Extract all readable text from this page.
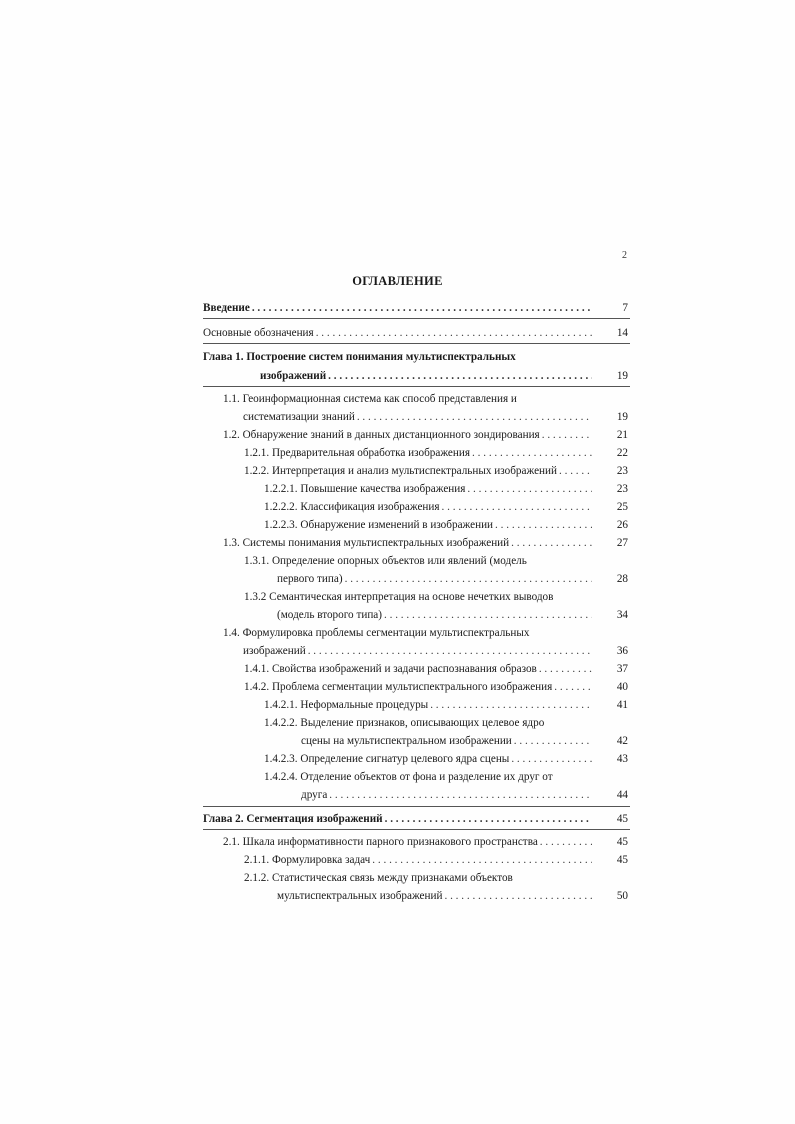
2
ОГЛАВЛЕНИЕ
Введение . . .	7
Основные обозначения . . .	14
Глава 1. Построение систем понимания мультиспектральных
изображений . . .	19
1.1. Геоинформационная система как способ представления и
систематизации знаний . . .	19
1.2. Обнаружение знаний в данных дистанционного зондирования . . .	21
1.2.1. Предварительная обработка изображения . . .	22
1.2.2. Интерпретация и анализ мультиспектральных изображений . . .	23
1.2.2.1. Повышение качества изображения . . .	23
1.2.2.2. Классификация изображения . . .	25
1.2.2.3. Обнаружение изменений в изображении . . .	26
1.3. Системы понимания мультиспектральных изображений . . .	27
1.3.1. Определение опорных объектов или явлений (модель
первого типа) . . .	28
1.3.2 Семантическая интерпретация на основе нечетких выводов
(модель второго типа) . . .	34
1.4. Формулировка проблемы сегментации мультиспектральных
изображений . . .	36
1.4.1. Свойства изображений и задачи распознавания образов . . .	37
1.4.2. Проблема сегментации мультиспектрального изображения . . .	40
1.4.2.1. Неформальные процедуры . . .	41
1.4.2.2. Выделение признаков, описывающих целевое ядро
сцены на мультиспектральном изображении . . .	42
1.4.2.3. Определение сигнатур целевого ядра сцены . . .	43
1.4.2.4. Отделение объектов от фона и разделение их друг от
друга . . .	44
Глава 2. Сегментация изображений . . .	45
2.1. Шкала информативности парного признакового пространства . . .	45
2.1.1. Формулировка задач . . .	45
2.1.2. Статистическая связь между признаками объектов
мультиспектральных изображений . . .	50
